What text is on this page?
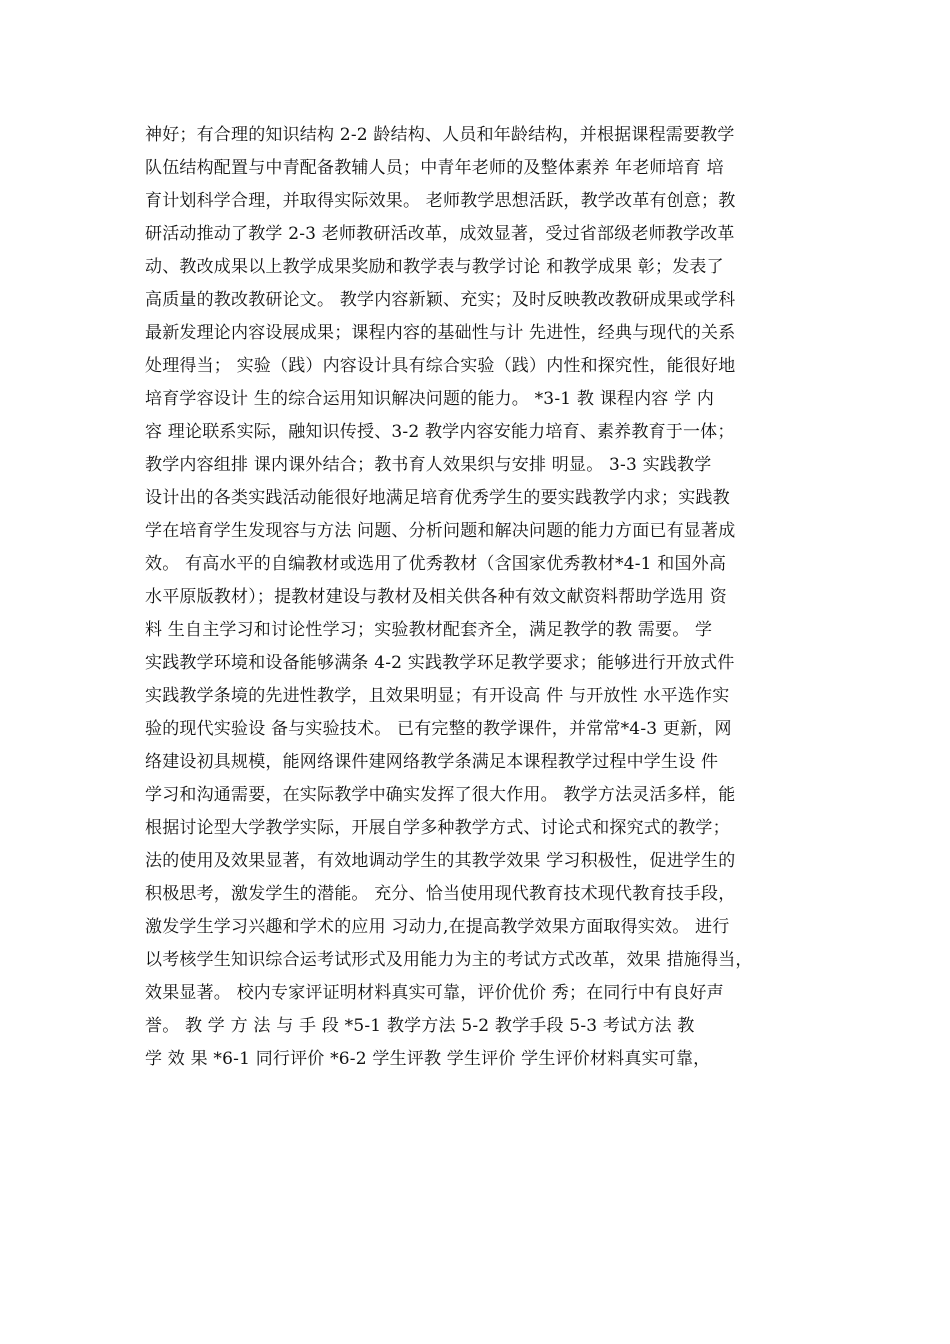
神好；有合理的知识结构 2-2 龄结构、人员和年龄结构，并根据课程需要教学
队伍结构配置与中青配备教辅人员；中青年老师的及整体素养 年老师培育 培
育计划科学合理，并取得实际效果。 老师教学思想活跃，教学改革有创意；教
研活动推动了教学 2-3 老师教研活改革，成效显著，受过省部级老师教学改革
动、教改成果以上教学成果奖励和教学表与教学讨论 和教学成果 彰；发表了
高质量的教改教研论文。 教学内容新颖、充实；及时反映教改教研成果或学科
最新发理论内容设展成果；课程内容的基础性与计 先进性，经典与现代的关系
处理得当； 实验（践）内容设计具有综合实验（践）内性和探究性，能很好地
培育学容设计 生的综合运用知识解决问题的能力。 *3-1 教 课程内容 学 内
容 理论联系实际，融知识传授、3-2 教学内容安能力培育、素养教育于一体；
教学内容组排 课内课外结合；教书育人效果织与安排 明显。 3-3 实践教学
设计出的各类实践活动能很好地满足培育优秀学生的要实践教学内求；实践教
学在培育学生发现容与方法 问题、分析问题和解决问题的能力方面已有显著成
效。 有高水平的自编教材或选用了优秀教材（含国家优秀教材*4-1 和国外高
水平原版教材）；提教材建设与教材及相关供各种有效文献资料帮助学选用 资
料 生自主学习和讨论性学习；实验教材配套齐全，满足教学的教 需要。 学
实践教学环境和设备能够满条 4-2 实践教学环足教学要求；能够进行开放式件
实践教学条境的先进性教学，且效果明显；有开设高 件 与开放性 水平选作实
验的现代实验设 备与实验技术。 已有完整的教学课件，并常常*4-3 更新，网
络建设初具规模，能网络课件建网络教学条满足本课程教学过程中学生设 件
学习和沟通需要，在实际教学中确实发挥了很大作用。 教学方法灵活多样，能
根据讨论型大学教学实际，开展自学多种教学方式、讨论式和探究式的教学；
法的使用及效果显著，有效地调动学生的其教学效果 学习积极性，促进学生的
积极思考，激发学生的潜能。 充分、恰当使用现代教育技术现代教育技手段，
激发学生学习兴趣和学术的应用 习动力,在提高教学效果方面取得实效。 进行
以考核学生知识综合运考试形式及用能力为主的考试方式改革，效果 措施得当，
效果显著。 校内专家评证明材料真实可靠，评价优价 秀；在同行中有良好声
誉。 教 学 方 法 与 手 段 *5-1 教学方法 5-2 教学手段 5-3 考试方法 教
学 效 果 *6-1 同行评价 *6-2 学生评教 学生评价 学生评价材料真实可靠，
